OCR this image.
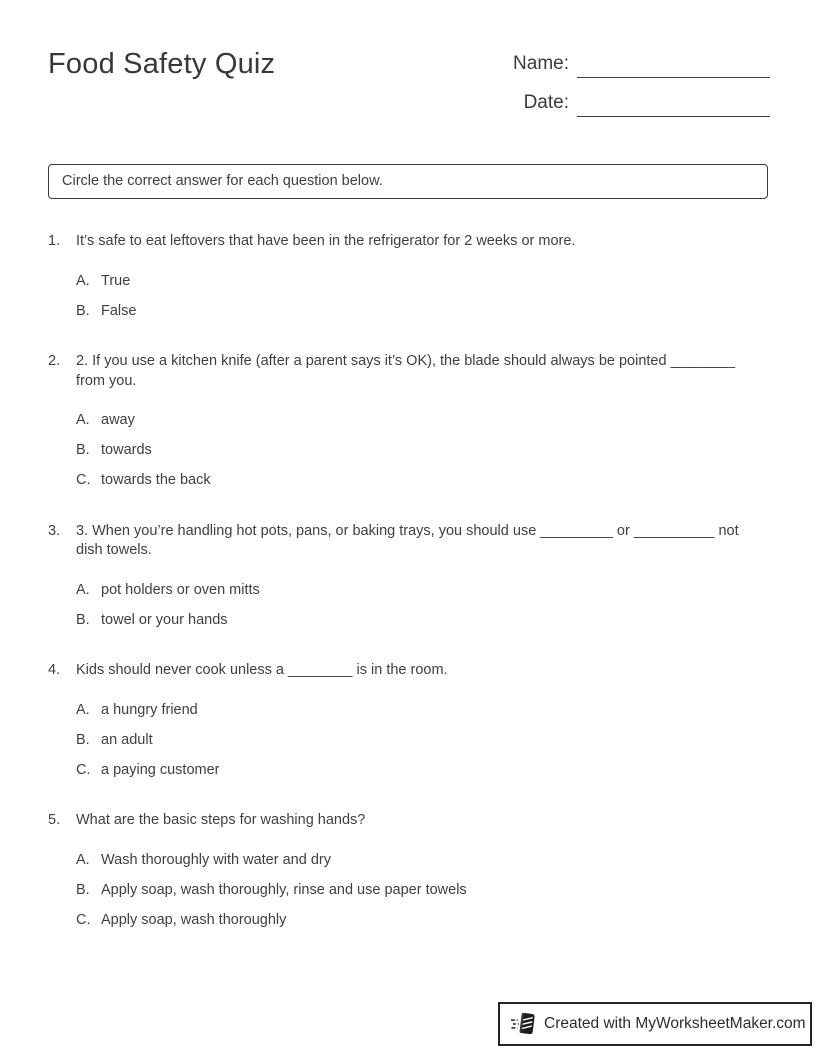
Food Safety Quiz	Name:
Date:
Circle the correct answer for each question below.
1.	It’s safe to eat leftovers that have been in the refrigerator for 2 weeks or more.
A. True
B. False
2.	2. If you use a kitchen knife (after a parent says it’s OK), the blade should always be pointed ________ from you.
A. away
B. towards
C. towards the back
3.	3. When you’re handling hot pots, pans, or baking trays, you should use _________ or __________ not dish towels.
A. pot holders or oven mitts
B. towel or your hands
4.	Kids should never cook unless a ________ is in the room.
A. a hungry friend
B. an adult
C. a paying customer
5.	What are the basic steps for washing hands?
A. Wash thoroughly with water and dry
B. Apply soap, wash thoroughly, rinse and use paper towels
C. Apply soap, wash thoroughly
Created with MyWorksheetMaker.com
